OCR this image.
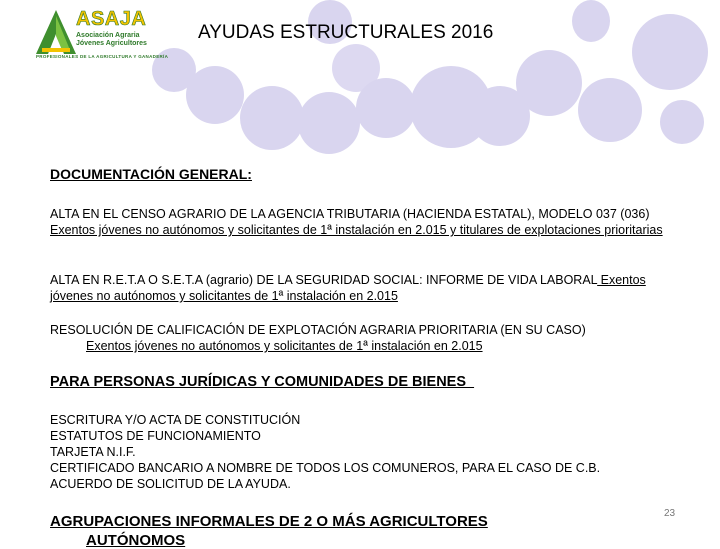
ASAJA
Asociación Agraria
Jóvenes Agricultores
PROFESIONALES DE LA AGRICULTURA Y GANADERÍA
AYUDAS ESTRUCTURALES 2016
DOCUMENTACIÓN GENERAL:

ALTA EN EL CENSO AGRARIO DE LA AGENCIA TRIBUTARIA (HACIENDA ESTATAL), MODELO 037 (036) Exentos jóvenes no autónomos y solicitantes de 1ª instalación en 2.015 y titulares de explotaciones prioritarias

ALTA EN R.E.T.A O S.E.T.A (agrario) DE LA SEGURIDAD SOCIAL: INFORME DE VIDA LABORAL Exentos jóvenes no autónomos y solicitantes de 1ª instalación en 2.015

RESOLUCIÓN DE CALIFICACIÓN DE EXPLOTACIÓN AGRARIA PRIORITARIA (EN SU CASO)

Exentos jóvenes no autónomos y solicitantes de 1ª instalación en 2.015

PARA PERSONAS JURÍDICAS Y COMUNIDADES DE BIENES

ESCRITURA Y/O ACTA DE CONSTITUCIÓN

ESTATUTOS DE FUNCIONAMIENTO

TARJETA N.I.F.

CERTIFICADO BANCARIO A NOMBRE DE TODOS LOS COMUNEROS, PARA EL CASO DE C.B.

ACUERDO DE SOLICITUD DE LA AYUDA.

AGRUPACIONES INFORMALES DE 2 O MÁS AGRICULTORES
AUTÓNOMOS
23
